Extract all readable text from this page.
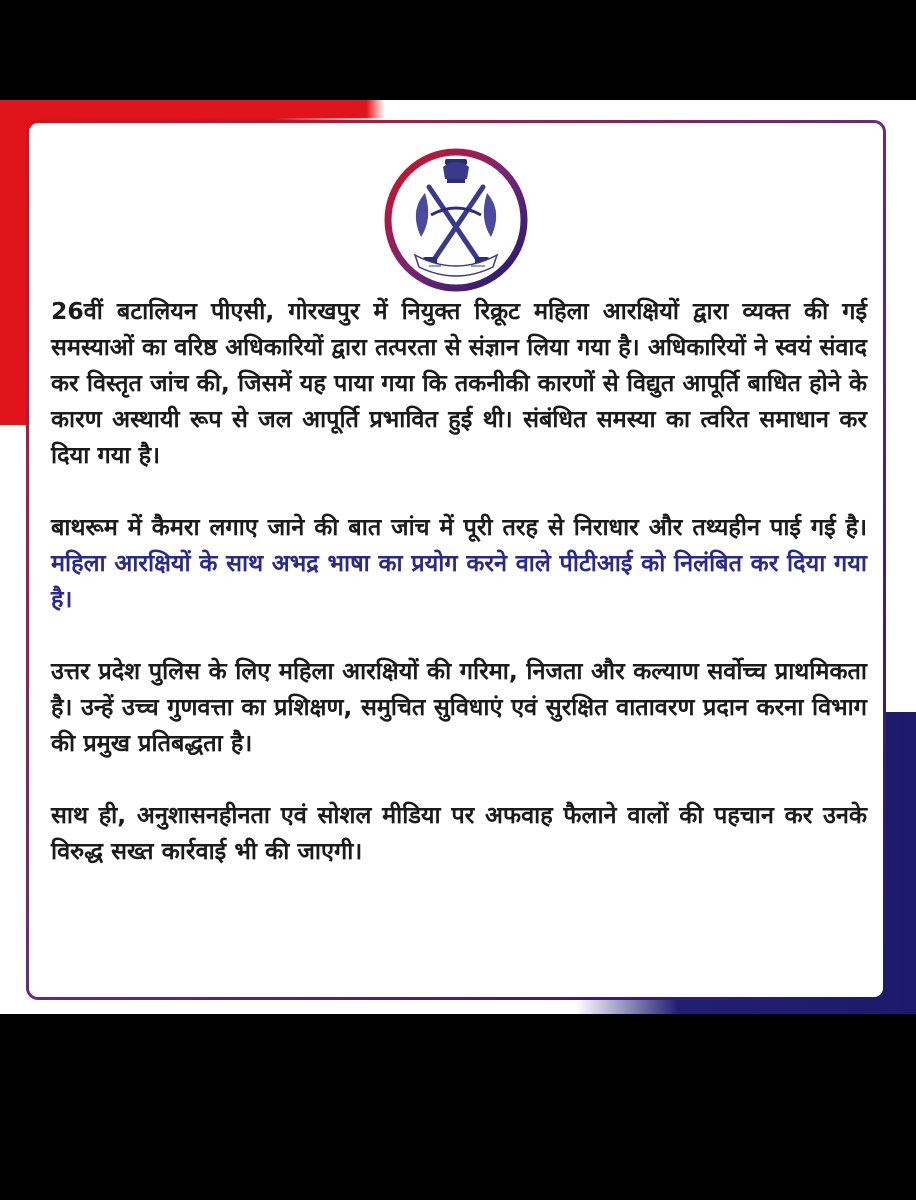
26वीं बटालियन पीएसी, गोरखपुर में नियुक्त रिक्रूट महिला आरक्षियों द्वारा व्यक्त की गई समस्याओं का वरिष्ठ अधिकारियों द्वारा तत्परता से संज्ञान लिया गया है। अधिकारियों ने स्वयं संवाद कर विस्तृत जांच की, जिसमें यह पाया गया कि तकनीकी कारणों से विद्युत आपूर्ति बाधित होने के कारण अस्थायी रूप से जल आपूर्ति प्रभावित हुई थी। संबंधित समस्या का त्वरित समाधान कर दिया गया है।

बाथरूम में कैमरा लगाए जाने की बात जांच में पूरी तरह से निराधार और तथ्यहीन पाई गई है। महिला आरक्षियों के साथ अभद्र भाषा का प्रयोग करने वाले पीटीआई को निलंबित कर दिया गया है।

उत्तर प्रदेश पुलिस के लिए महिला आरक्षियों की गरिमा, निजता और कल्याण सर्वोच्च प्राथमिकता है। उन्हें उच्च गुणवत्ता का प्रशिक्षण, समुचित सुविधाएं एवं सुरक्षित वातावरण प्रदान करना विभाग की प्रमुख प्रतिबद्धता है।

साथ ही, अनुशासनहीनता एवं सोशल मीडिया पर अफवाह फैलाने वालों की पहचान कर उनके विरुद्ध सख्त कार्रवाई भी की जाएगी।
